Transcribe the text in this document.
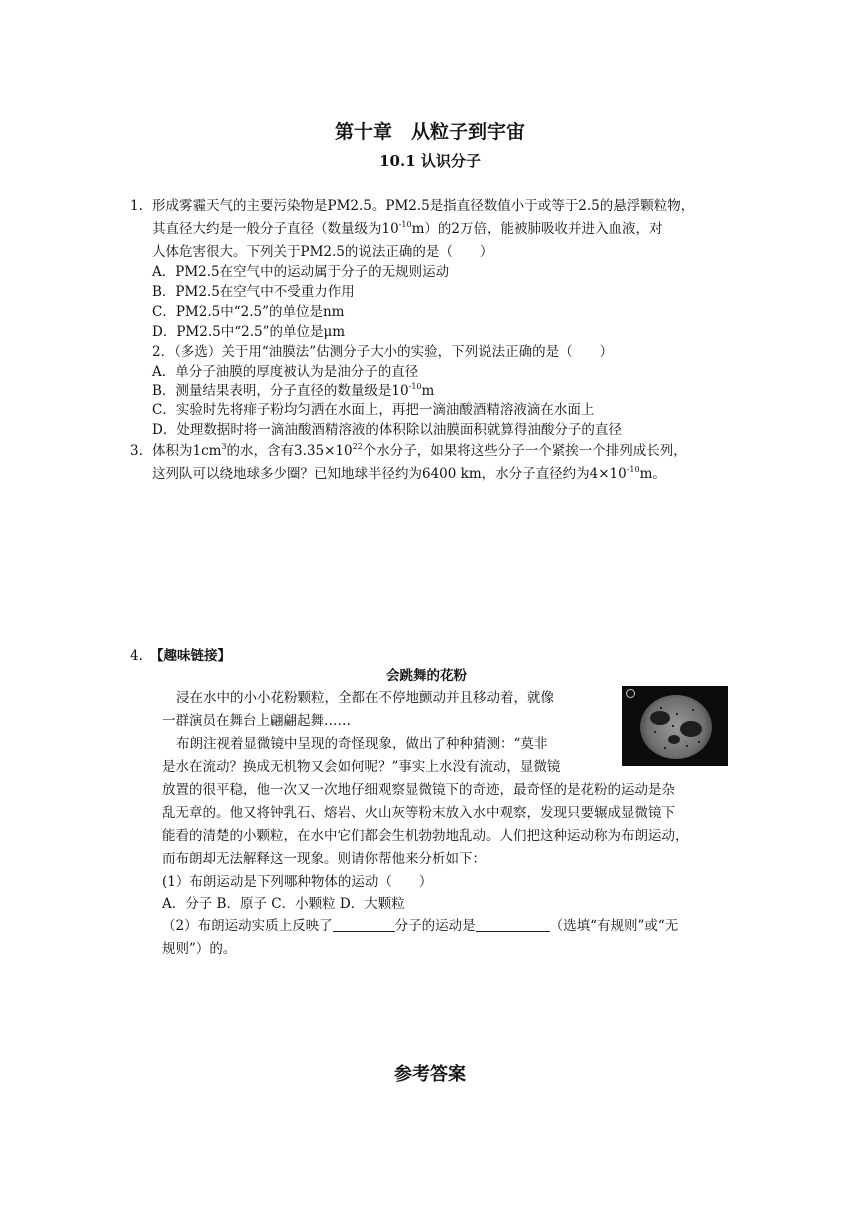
第十章　从粒子到宇宙
10.1 认识分子
1. 形成雾霾天气的主要污染物是PM2.5。PM2.5是指直径数值小于或等于2.5的悬浮颗粒物，
其直径大约是一般分子直径（数量级为$10^{-10}m$）的2万倍，能被肺吸收并进入血液，对
人体危害很大。下列关于PM2.5的说法正确的是（　　）
A．PM2.5在空气中的运动属于分子的无规则运动
B．PM2.5在空气中不受重力作用
C．PM2.5中“2.5”的单位是nm
D．PM2.5中“2.5”的单位是μm
2．（多选）关于用“油膜法”估测分子大小的实验，下列说法正确的是（　　）
A．单分子油膜的厚度被认为是油分子的直径
B．测量结果表明，分子直径的数量级是$10^{-10}m$
C．实验时先将痱子粉均匀洒在水面上，再把一滴油酸酒精溶液滴在水面上
D．处理数据时将一滴油酸酒精溶液的体积除以油膜面积就算得油酸分子的直径
3. 体积为$1cm^3$的水，含有$3.35\times 10^{22}$个水分子，如果将这些分子一个紧挨一个排列成长列，
这列队可以绕地球多少圈？已知地球半径约为6400 km，水分子直径约为$4\times 10^{-10}m$。
4. 【趣味链接】
会跳舞的花粉
浸在水中的小小花粉颗粒，全都在不停地颤动并且移动着，就像
一群演员在舞台上翩翩起舞……
布朗注视着显微镜中呈现的奇怪现象，做出了种种猜测：“莫非
是水在流动？换成无机物又会如何呢？”事实上水没有流动，显微镜
放置的很平稳，他一次又一次地仔细观察显微镜下的奇迹，最奇怪的是花粉的运动是杂
乱无章的。他又将钟乳石、熔岩、火山灰等粉末放入水中观察，发现只要辗成显微镜下
能看的清楚的小颗粒，在水中它们都会生机勃勃地乱动。人们把这种运动称为布朗运动，
而布朗却无法解释这一现象。则请你帮他来分析如下：
(1）布朗运动是下列哪种物体的运动（　　）
A．分子 B．原子 C．小颗粒 D．大颗粒
（2）布朗运动实质上反映了	分子的运动是	（选填“有规则”或“无
规则”）的。
参考答案
